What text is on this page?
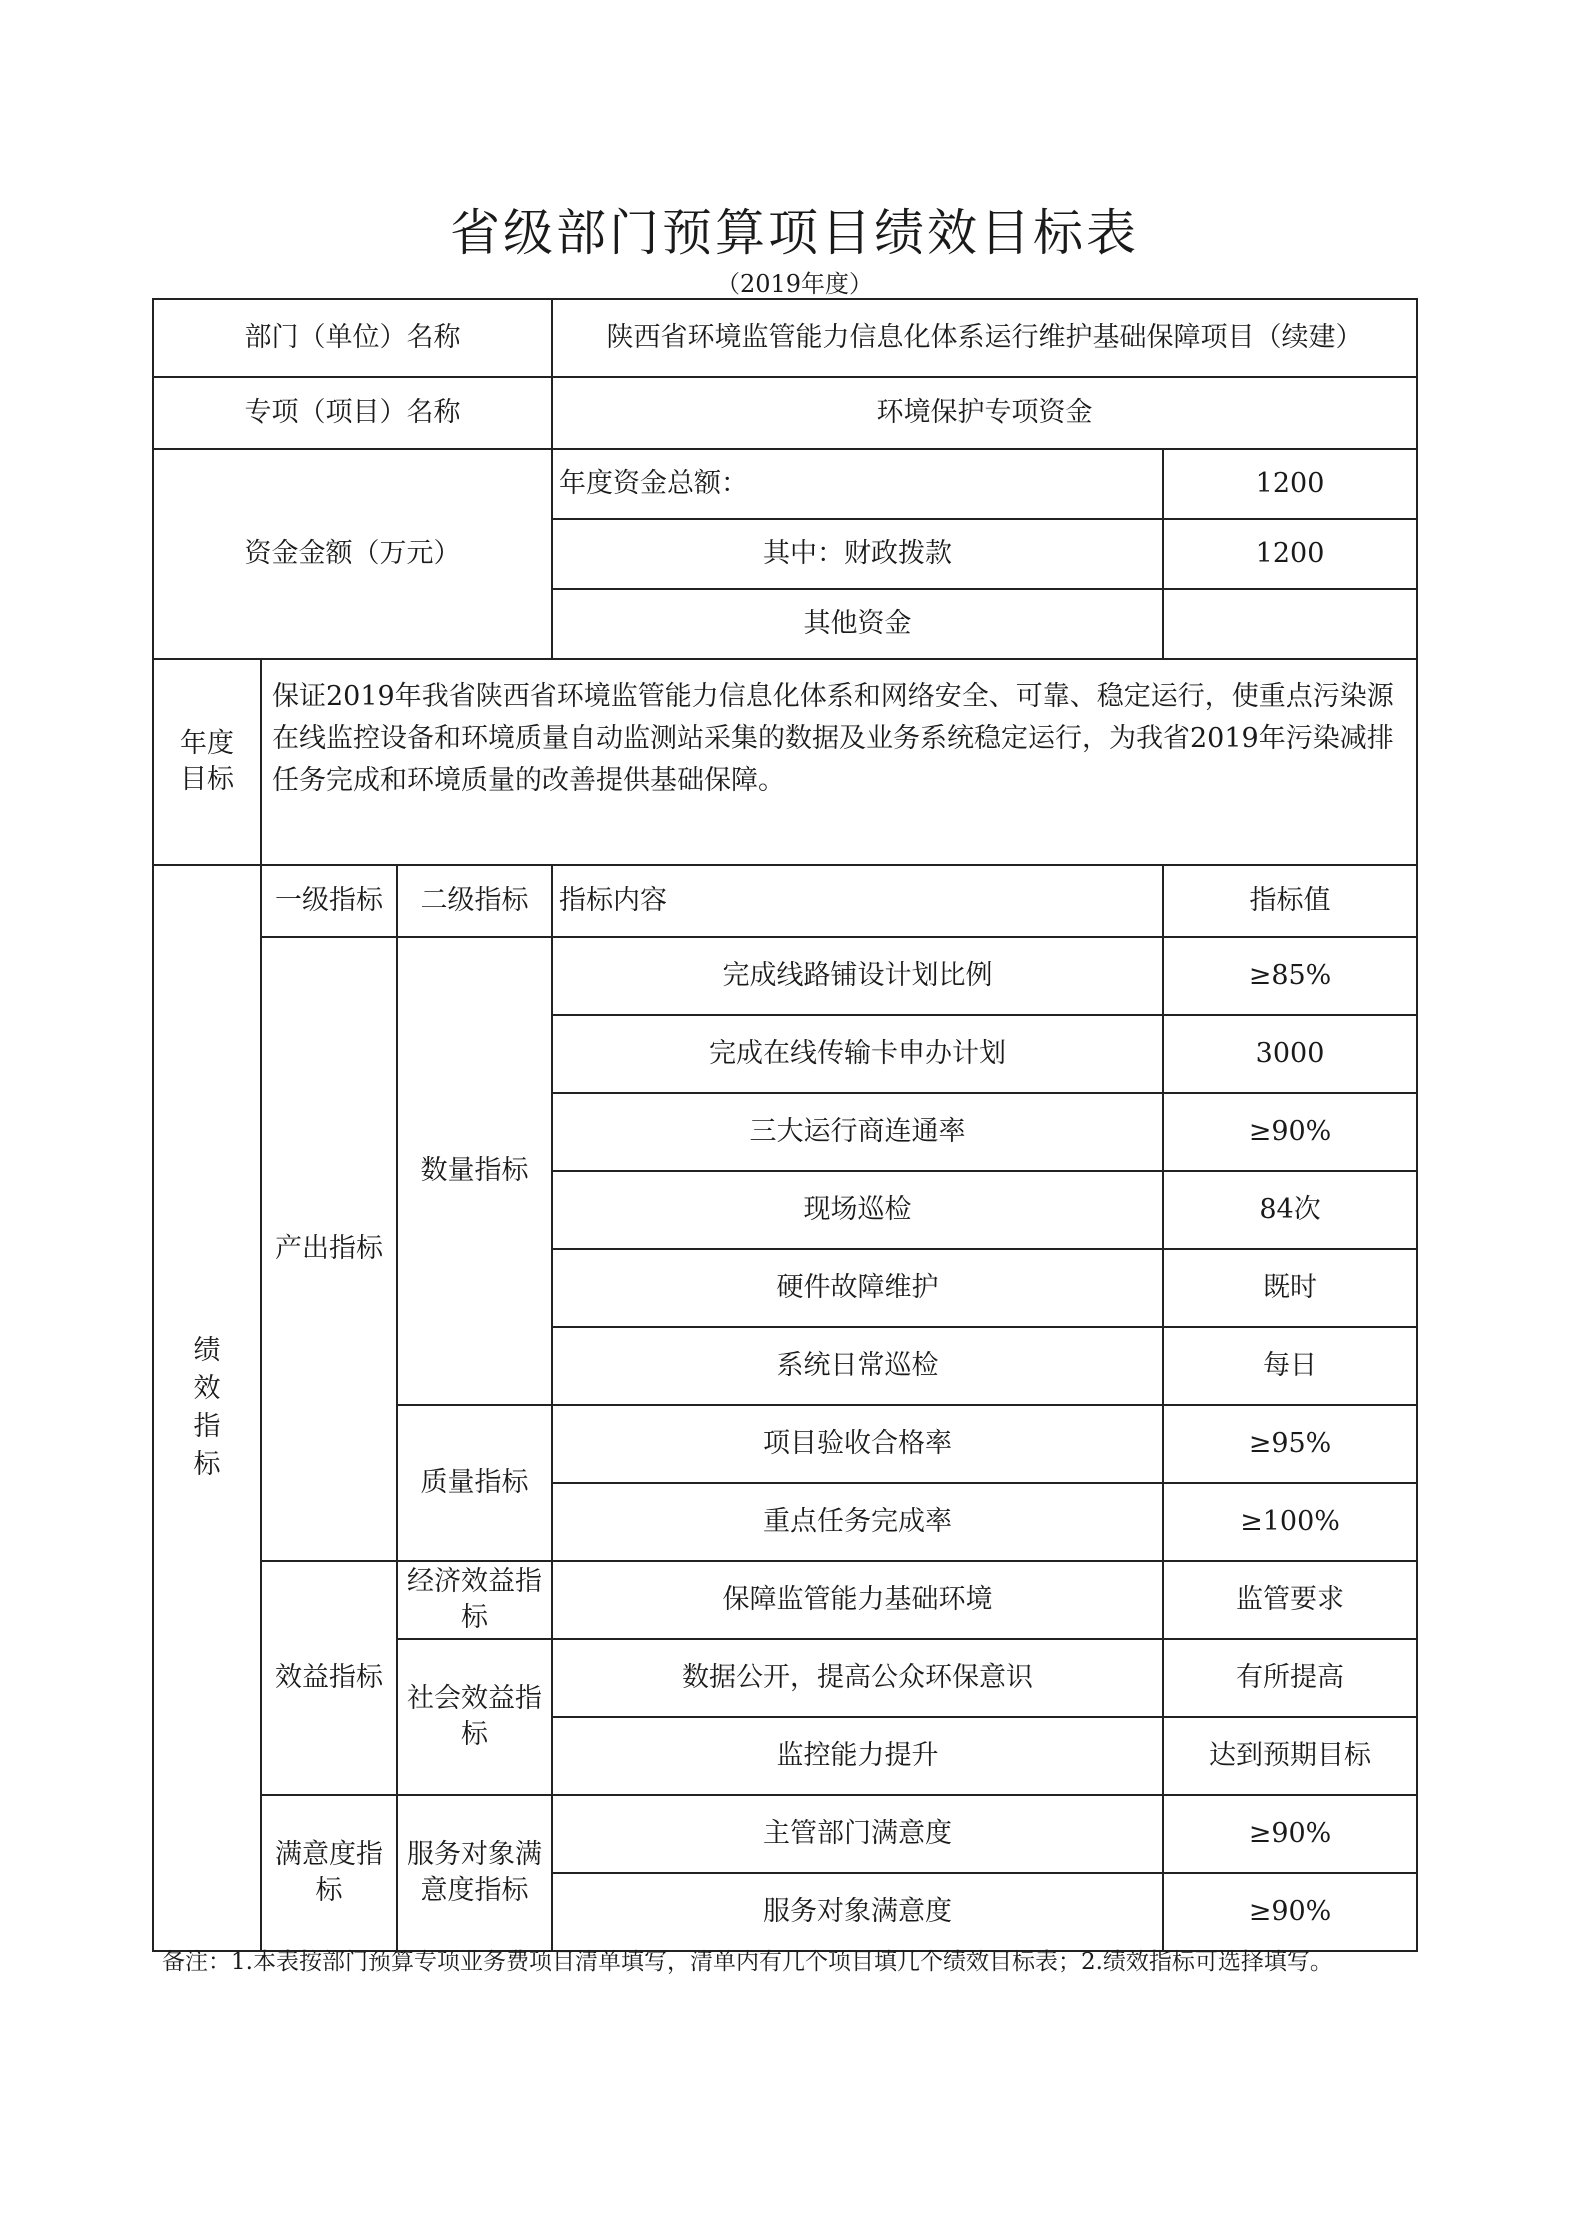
省级部门预算项目绩效目标表
（2019年度）
部门（单位）名称			陕西省环境监管能力信息化体系运行维护基础保障项目（续建）	
专项（项目）名称			环境保护专项资金	
资金金额（万元）			年度资金总额：	1200
			其中：财政拨款	1200
			其他资金	
年度目标	保证2019年我省陕西省环境监管能力信息化体系和网络安全、可靠、稳定运行，使重点污染源在线监控设备和环境质量自动监测站采集的数据及业务系统稳定运行，为我省2019年污染减排任务完成和环境质量的改善提供基础保障。			
绩效指标	一级指标	二级指标	指标内容	指标值
	产出指标	数量指标	完成线路铺设计划比例	≥85%
			完成在线传输卡申办计划	3000
			三大运行商连通率	≥90%
			现场巡检	84次
			硬件故障维护	既时
			系统日常巡检	每日
		质量指标	项目验收合格率	≥95%
			重点任务完成率	≥100%
	效益指标	经济效益指标	保障监管能力基础环境	监管要求
		社会效益指标	数据公开，提高公众环保意识	有所提高
			监控能力提升	达到预期目标
	满意度指标	服务对象满意度指标	主管部门满意度	≥90%
			服务对象满意度	≥90%
备注：1.本表按部门预算专项业务费项目清单填写，清单内有几个项目填几个绩效目标表；2.绩效指标可选择填写。
